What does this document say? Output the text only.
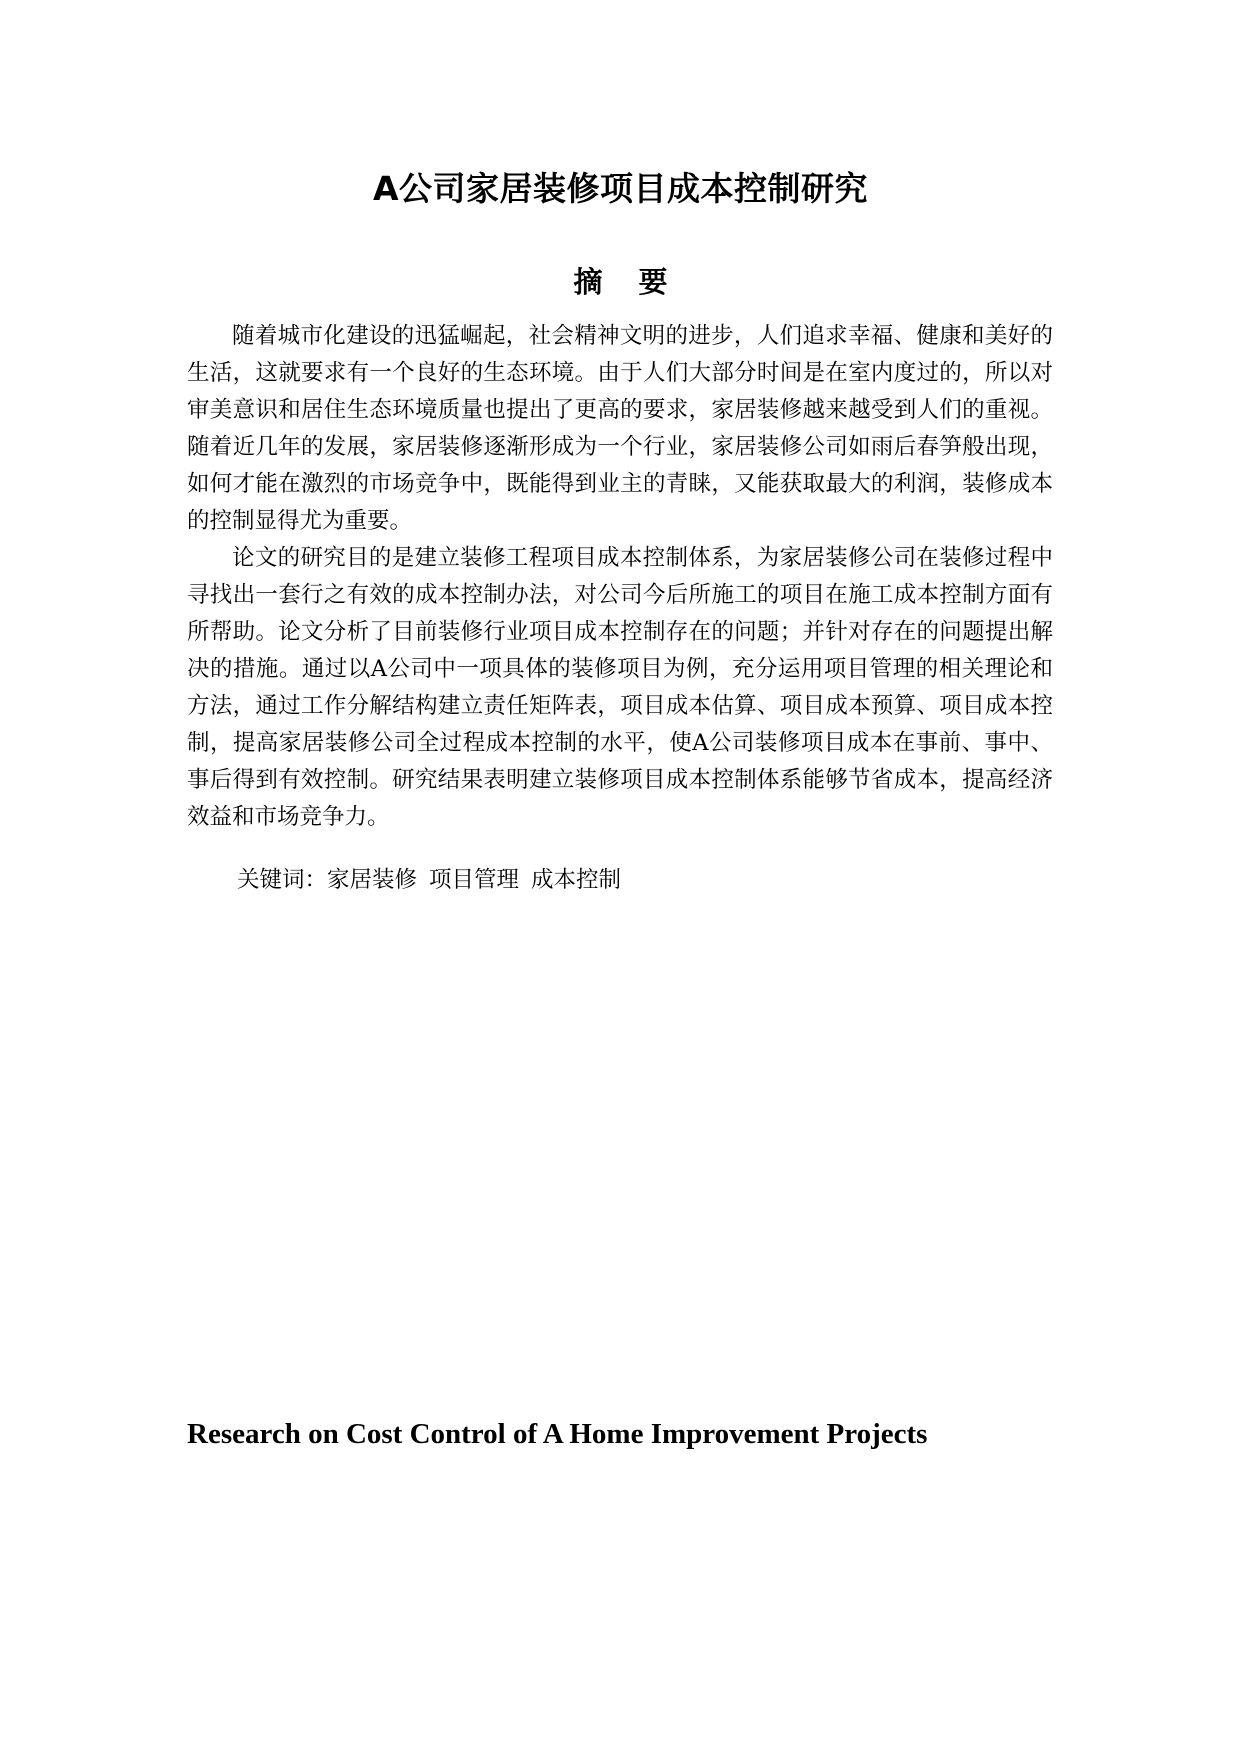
A公司家居装修项目成本控制研究
摘 要

随着城市化建设的迅猛崛起，社会精神文明的进步，人们追求幸福、健康和美好的生活，这就要求有一个良好的生态环境。由于人们大部分时间是在室内度过的，所以对审美意识和居住生态环境质量也提出了更高的要求，家居装修越来越受到人们的重视。随着近几年的发展，家居装修逐渐形成为一个行业，家居装修公司如雨后春笋般出现，如何才能在激烈的市场竞争中，既能得到业主的青睐，又能获取最大的利润，装修成本的控制显得尤为重要。

论文的研究目的是建立装修工程项目成本控制体系，为家居装修公司在装修过程中寻找出一套行之有效的成本控制办法，对公司今后所施工的项目在施工成本控制方面有所帮助。论文分析了目前装修行业项目成本控制存在的问题；并针对存在的问题提出解决的措施。通过以A公司中一项具体的装修项目为例，充分运用项目管理的相关理论和方法，通过工作分解结构建立责任矩阵表，项目成本估算、项目成本预算、项目成本控制，提高家居装修公司全过程成本控制的水平，使A公司装修项目成本在事前、事中、事后得到有效控制。研究结果表明建立装修项目成本控制体系能够节省成本，提高经济效益和市场竞争力。

关键词：家居装修 项目管理 成本控制
Research on Cost Control of A Home Improvement Projects
